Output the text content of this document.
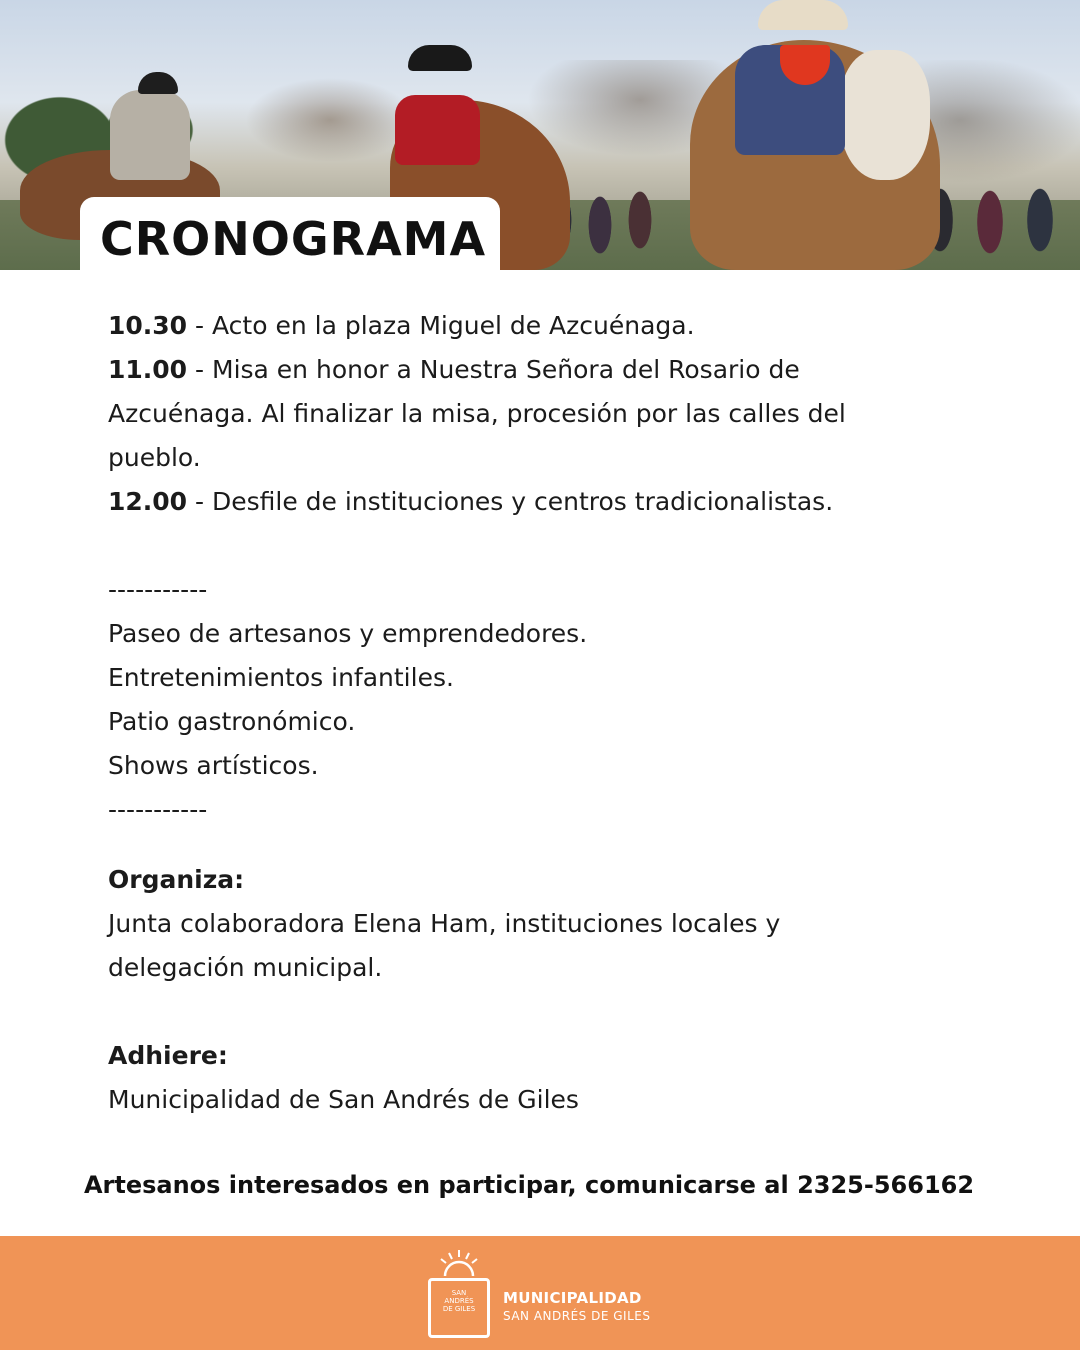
CRONOGRAMA
10.30 - Acto en la plaza Miguel de Azcuénaga.
11.00 - Misa en honor a Nuestra Señora del Rosario de
Azcuénaga. Al finalizar la misa, procesión por las calles del
pueblo.
12.00 - Desfile de instituciones y centros tradicionalistas.
-----------
Paseo de artesanos y emprendedores.
Entretenimientos infantiles.
Patio gastronómico.
Shows artísticos.
-----------
Organiza:
Junta colaboradora Elena Ham, instituciones locales y
delegación municipal.
Adhiere:
Municipalidad de San Andrés de Giles
Artesanos interesados en participar, comunicarse al 2325-566162
SAN
ANDRÉS
DE GILES
MUNICIPALIDAD
SAN ANDRÉS DE GILES
